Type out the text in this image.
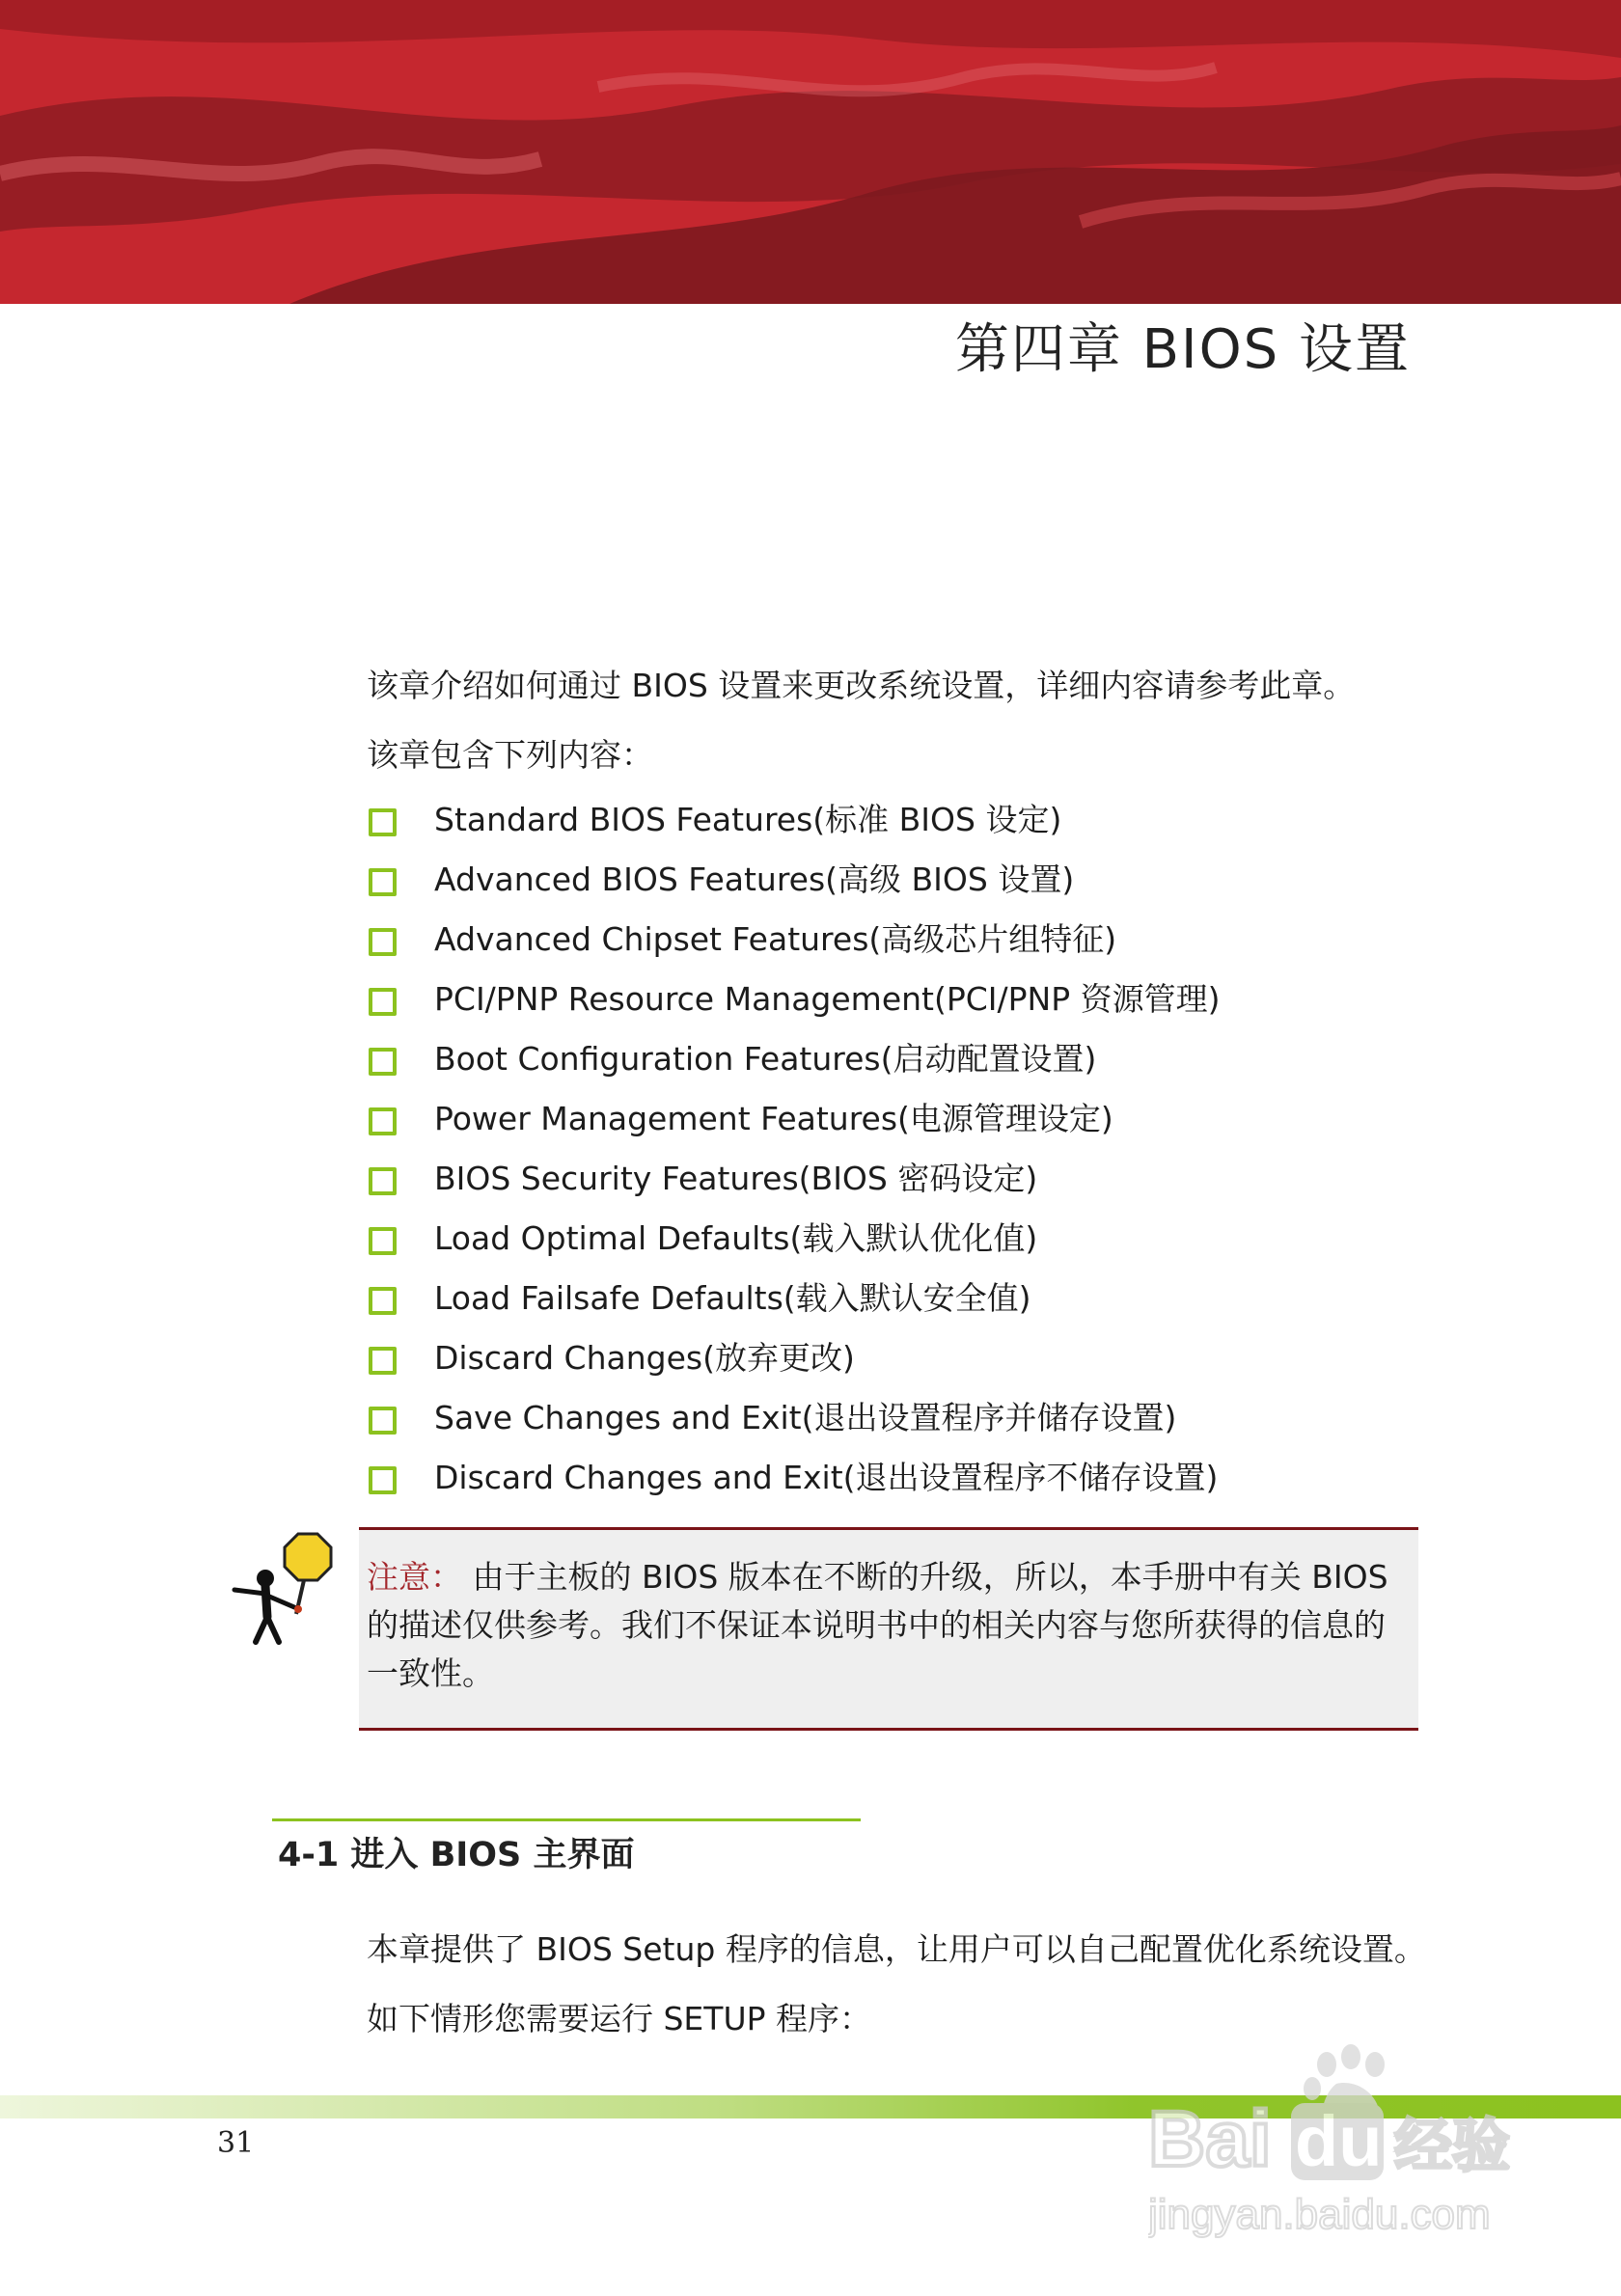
第四章 BIOS 设置
该章介绍如何通过 BIOS 设置来更改系统设置，详细内容请参考此章。
该章包含下列内容：
Standard BIOS Features(标准 BIOS 设定)
Advanced BIOS Features(高级 BIOS 设置)
Advanced Chipset Features(高级芯片组特征)
PCI/PNP Resource Management(PCI/PNP 资源管理)
Boot Configuration Features(启动配置设置)
Power Management Features(电源管理设定)
BIOS Security Features(BIOS 密码设定)
Load Optimal Defaults(载入默认优化值)
Load Failsafe Defaults(载入默认安全值)
Discard Changes(放弃更改)
Save Changes and Exit(退出设置程序并储存设置)
Discard Changes and Exit(退出设置程序不储存设置)
注意： 由于主板的 BIOS 版本在不断的升级，所以，本手册中有关 BIOS 的描述仅供参考。我们不保证本说明书中的相关内容与您所获得的信息的一致性。
4-1 进入 BIOS 主界面
本章提供了 BIOS Setup 程序的信息，让用户可以自己配置优化系统设置。
如下情形您需要运行 SETUP 程序：
31	Bai du 经验
jingyan.baidu.com
